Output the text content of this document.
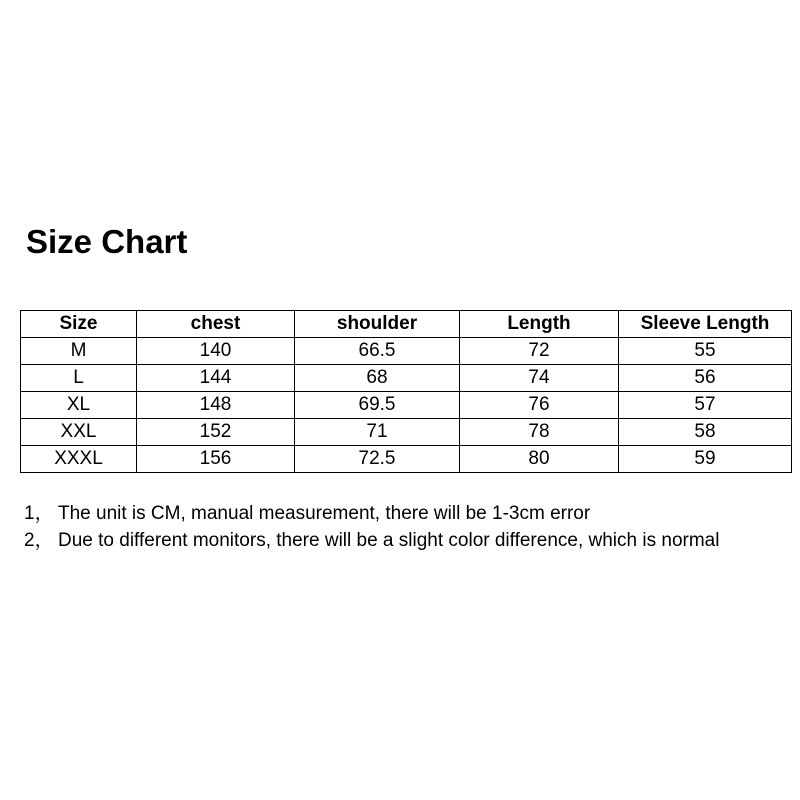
Size Chart
Size	chest	shoulder	Length	Sleeve Length
M	140	66.5	72	55
L	144	68	74	56
XL	148	69.5	76	57
XXL	152	71	78	58
XXXL	156	72.5	80	59
1， The unit is CM, manual measurement, there will be 1-3cm error
2， Due to different monitors, there will be a slight color difference, which is normal
